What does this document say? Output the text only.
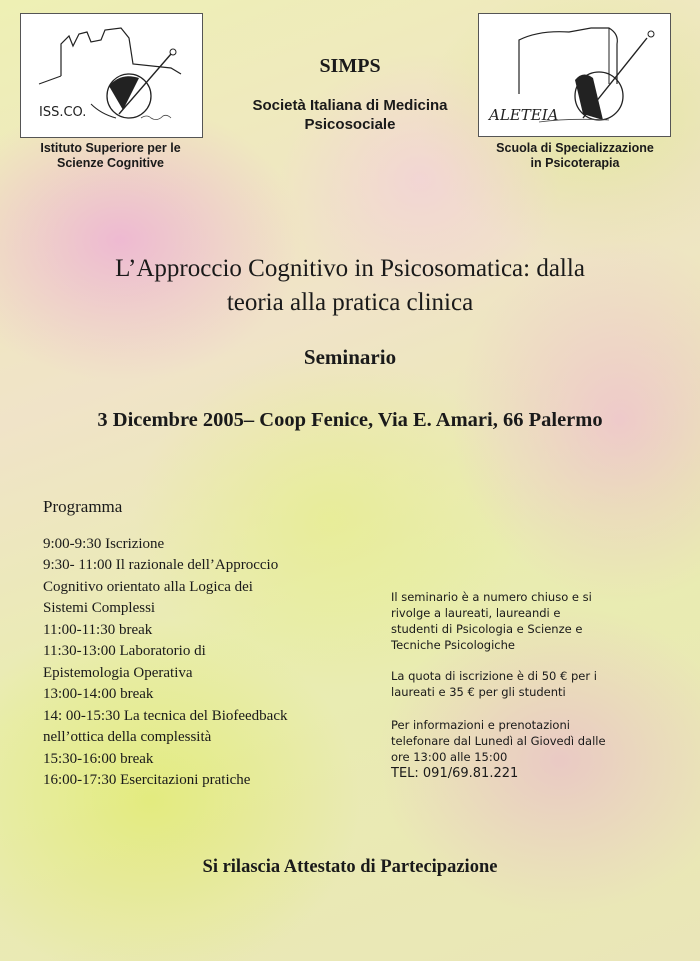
ISS.CO.
Istituto Superiore per le
Scienze Cognitive
SIMPS
Società Italiana di Medicina
Psicosociale
ALETEIA
Scuola di Specializzazione
in Psicoterapia
L’Approccio Cognitivo in Psicosomatica: dalla
teoria alla pratica clinica
Seminario
3 Dicembre 2005– Coop Fenice, Via E. Amari, 66 Palermo
Programma
9:00-9:30 Iscrizione
9:30- 11:00 Il razionale dell’Approccio
Cognitivo orientato alla Logica dei
Sistemi Complessi
11:00-11:30 break
11:30-13:00 Laboratorio di
Epistemologia Operativa
13:00-14:00 break
14: 00-15:30 La tecnica del Biofeedback
nell’ottica della complessità
15:30-16:00 break
16:00-17:30 Esercitazioni pratiche
Il seminario è a numero chiuso e si
rivolge a laureati, laureandi e
studenti di Psicologia e Scienze e
Tecniche Psicologiche
La quota di iscrizione è di 50 € per i
laureati e 35 € per gli studenti
Per informazioni e prenotazioni
telefonare dal Lunedì al Giovedì dalle
ore 13:00 alle 15:00
TEL: 091/69.81.221
Si rilascia Attestato di Partecipazione
